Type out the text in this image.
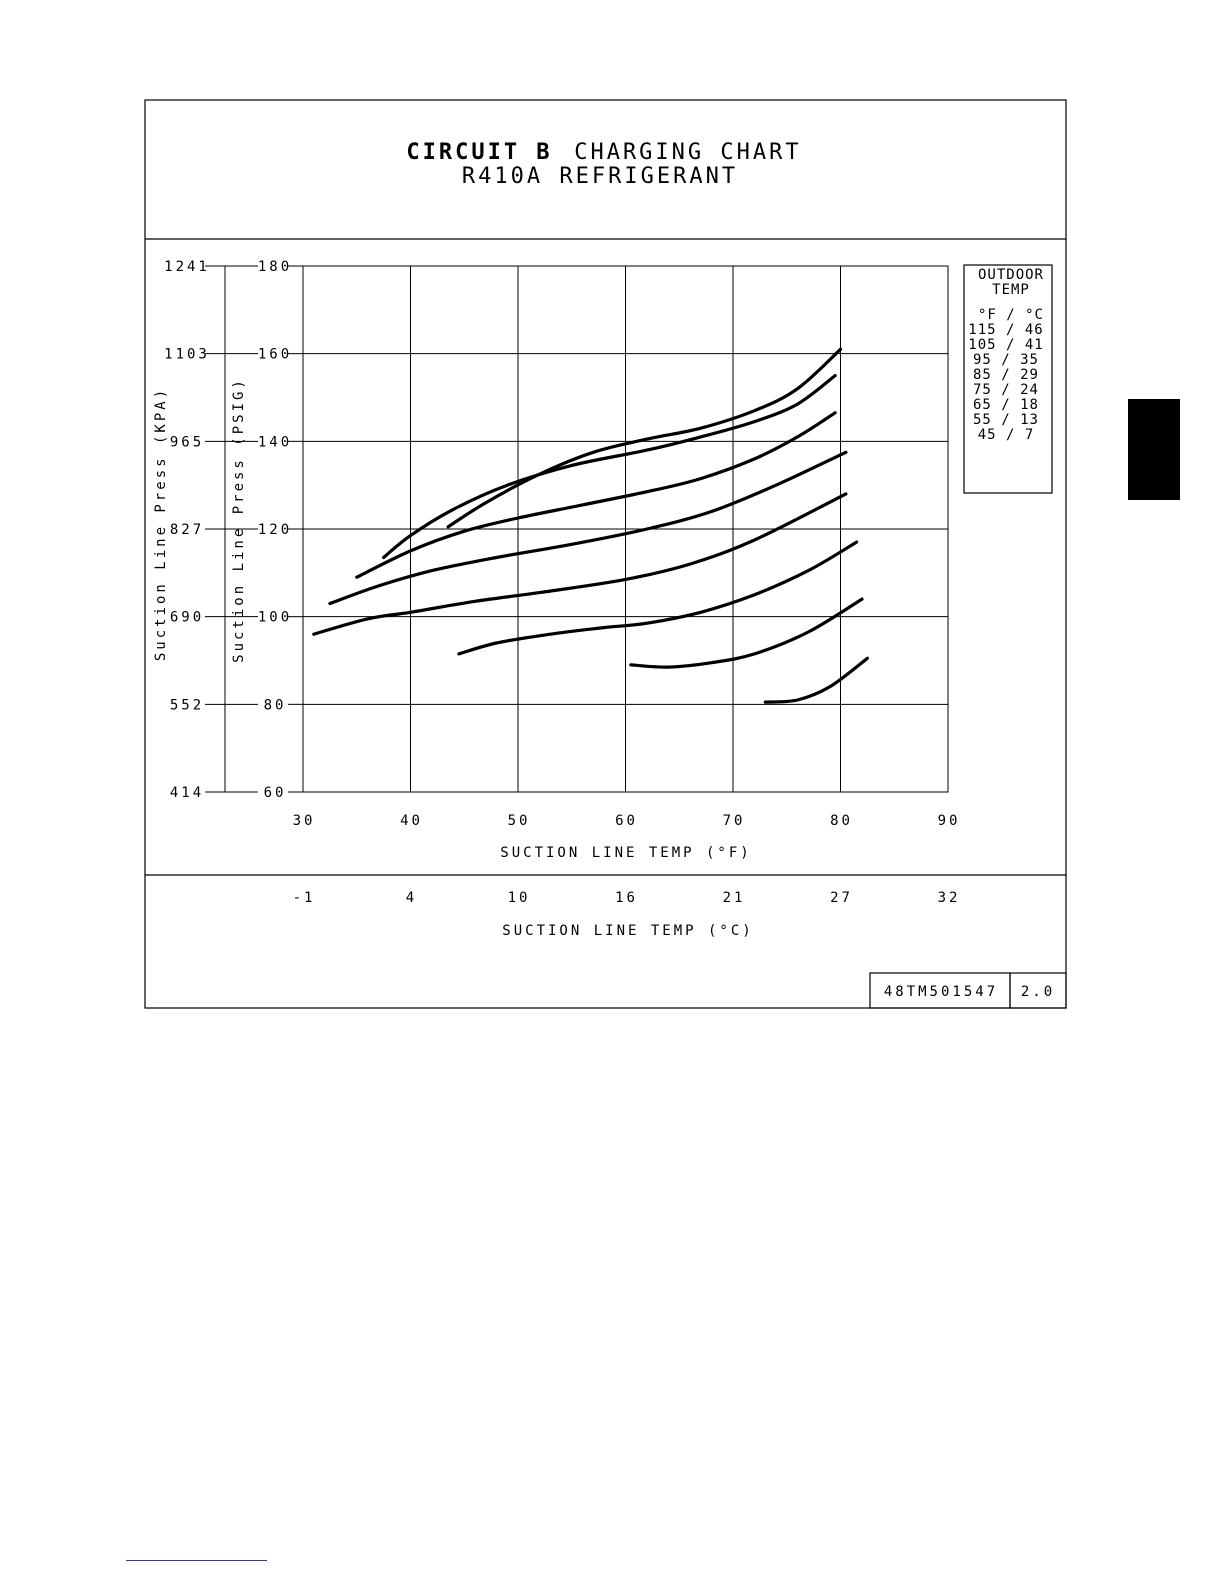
CIRCUIT B CHARGING CHART
R410A REFRIGERANT
30
-1
40
4
50
10
60
16
70
21
80
27
90
32
60
414
80
552
100
690
120
827
140
965
160
1103
180
1241	OUTDOOR
TEMP
°F / °C
115 / 46
105 / 41
95 / 35
85 / 29
75 / 24
65 / 18
55 / 13
45 / 7
SUCTION LINE TEMP (°F)
SUCTION LINE TEMP (°C)
Suction Line Press (KPA)	Suction Line Press (PSIG)
48TM501547 2.0
